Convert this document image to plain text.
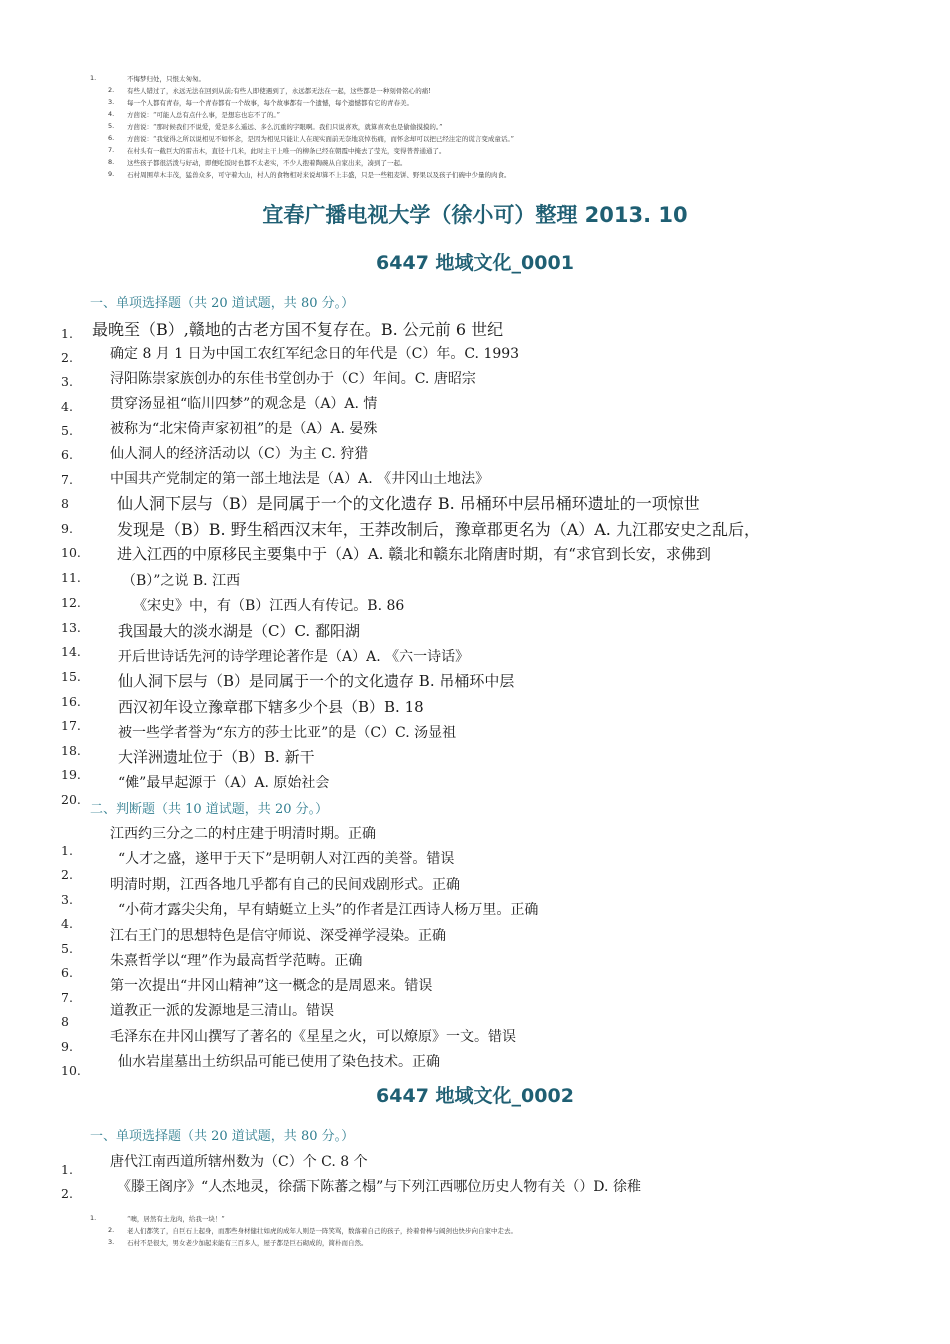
1.	不悔梦归处，只恨太匆匆。
2. 有些人错过了，永远无法在回到从前;有些人即使遇到了，永远都无法在一起，这些都是一种刻骨铭心的痛!
3. 每一个人都有青春，每一个青春都有一个故事，每个故事都有一个遗憾，每个遗憾都有它的青春美。
4. 方茴说：“可能人总有点什么事，是想忘也忘不了的。”
5. 方茴说：“那时候我们不说爱，爱是多么遥远、多么沉重的字眼啊。我们只说喜欢，就算喜欢也是偷偷摸摸的。”
6. 方茴说：“我觉得之所以说相见不如怀念，是因为相见只能让人在现实面前无奈地哀悼伤痛，而怀念却可以把已经注定的谎言变成童话。”
7. 在村头有一截巨大的雷击木，直径十几米，此时主干上唯一的柳条已经在朝霞中掩去了莹光，变得普普通通了。
8. 这些孩子都很活泼与好动，即便吃饭时也都不太老实，不少人抱着陶碗从自家出来，凑到了一起。
9. 石村周围草木丰茂，猛兽众多，可守着大山，村人的食物相对来说却算不上丰盛，只是一些粗麦饼、野果以及孩子们碗中少量的肉食。
宜春广播电视大学（徐小可）整理 2013. 10
6447 地域文化_0001
一、单项选择题（共 20 道试题，共 80 分。）
1.
2.
3.
4.
5.
6.
7.
8
9.
10.
11.
12.
13.
14.
15.
16.
17.
18.
19.
20.
最晚至（B）,赣地的古老方国不复存在。B. 公元前 6 世纪
确定 8 月 1 日为中国工农红军纪念日的年代是（C）年。C. 1993
浔阳陈崇家族创办的东佳书堂创办于（C）年间。C. 唐昭宗
贯穿汤显祖“临川四梦”的观念是（A）A. 情
被称为“北宋倚声家初祖”的是（A）A. 晏殊
仙人洞人的经济活动以（C）为主 C. 狩猎
中国共产党制定的第一部土地法是（A）A. 《井冈山土地法》
仙人洞下层与（B）是同属于一个的文化遗存 B. 吊桶环中层吊桶环遗址的一项惊世
发现是（B）B. 野生稻西汉末年，王莽改制后，豫章郡更名为（A）A. 九江郡安史之乱后，
进入江西的中原移民主要集中于（A）A. 赣北和赣东北隋唐时期，有“求官到长安，求佛到
（B）”之说 B. 江西
《宋史》中，有（B）江西人有传记。B. 86
我国最大的淡水湖是（C）C. 鄱阳湖
开后世诗话先河的诗学理论著作是（A）A. 《六一诗话》
仙人洞下层与（B）是同属于一个的文化遗存 B. 吊桶环中层
西汉初年设立豫章郡下辖多少个县（B）B. 18
被一些学者誉为“东方的莎士比亚”的是（C）C. 汤显祖
大洋洲遗址位于（B）B. 新干
“傩”最早起源于（A）A. 原始社会
二、判断题（共 10 道试题，共 20 分。）
1.
2.
3.
4.
5.
6.
7.
8
9.
10.
江西约三分之二的村庄建于明清时期。正确
“人才之盛，遂甲于天下”是明朝人对江西的美誉。错误
明清时期，江西各地几乎都有自己的民间戏剧形式。正确
“小荷才露尖尖角，早有蜻蜓立上头”的作者是江西诗人杨万里。正确
江右王门的思想特色是信守师说、深受禅学浸染。正确
朱熹哲学以“理”作为最高哲学范畴。正确
第一次提出“井冈山精神”这一概念的是周恩来。错误
道教正一派的发源地是三清山。错误
毛泽东在井冈山撰写了著名的《星星之火，可以燎原》一文。错误
仙水岩崖墓出土纺织品可能已使用了染色技术。正确
6447 地域文化_0002
一、单项选择题（共 20 道试题，共 80 分。）
1.
2.
唐代江南西道所辖州数为（C）个 C. 8 个
《滕王阁序》“人杰地灵，徐孺下陈蕃之榻”与下列江西哪位历史人物有关（）D. 徐稚
1.	“噢，居然有土龙肉，给我一块！”
2. 老人们都笑了，自巨石上起身，而那些身材健壮如虎的成年人则是一阵笑骂，数落着自己的孩子，拎着骨棒与阔剑也快步向自家中走去。
3. 石村不是很大，男女老少加起来能有三百多人，屋子都是巨石砌成的，简朴而自然。
